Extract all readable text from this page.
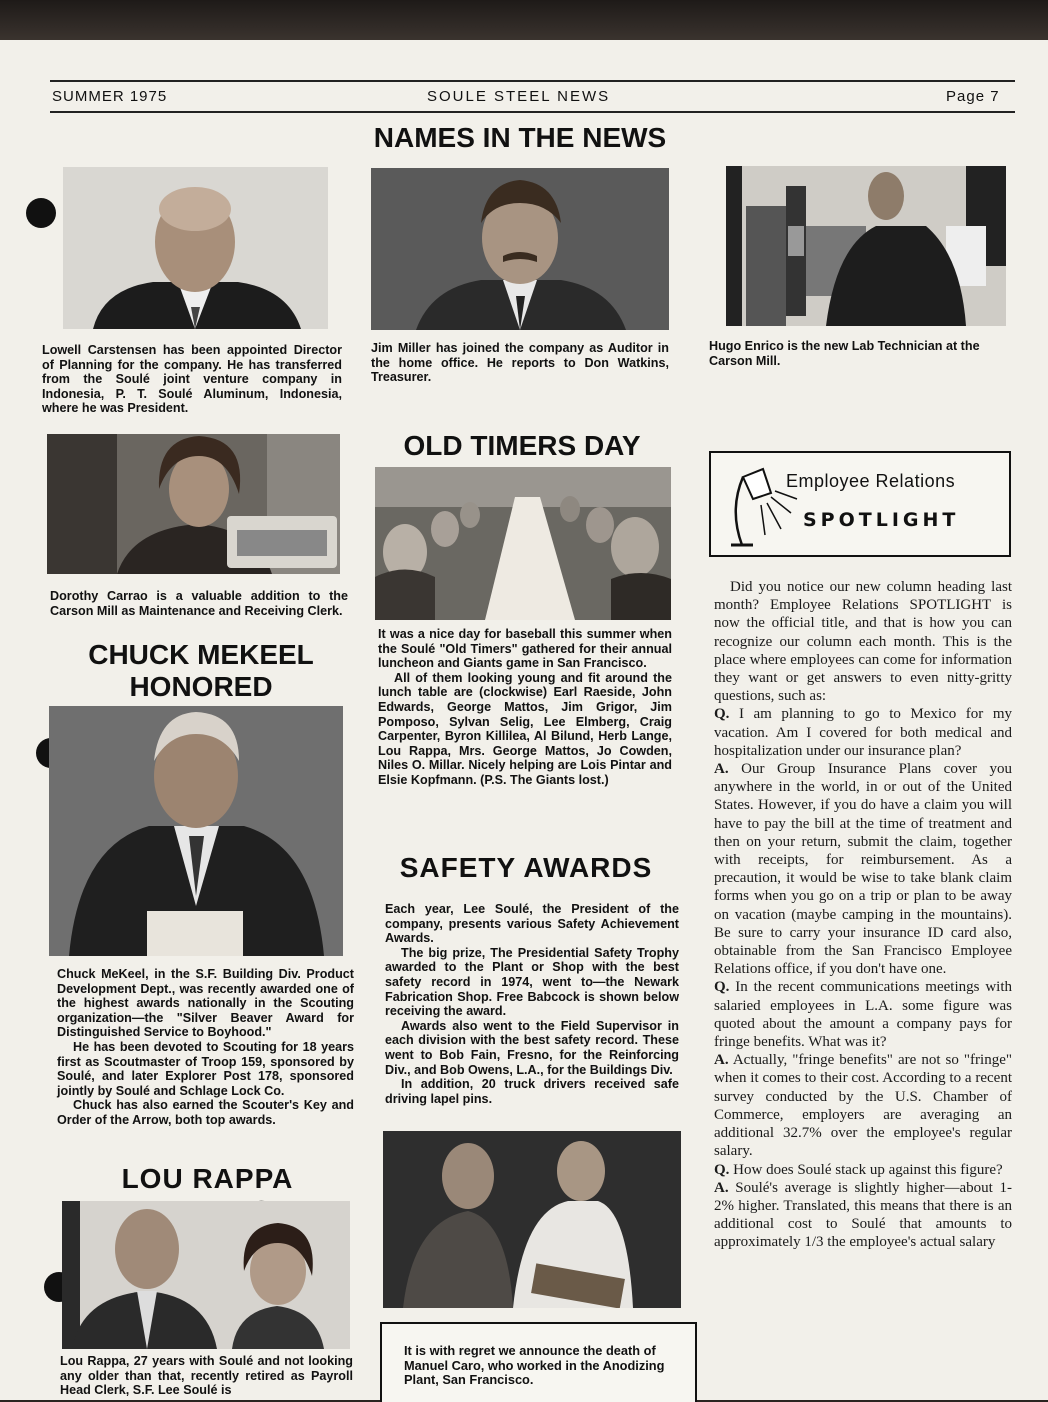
SUMMER 1975	SOULE STEEL NEWS	Page 7
NAMES IN THE NEWS
Lowell Carstensen has been appointed Director of Planning for the company. He has transferred from the Soulé joint venture company in Indonesia, P. T. Soulé Aluminum, Indonesia, where he was President.
Jim Miller has joined the company as Auditor in the home office. He reports to Don Watkins, Treasurer.
Hugo Enrico is the new Lab Technician at the Carson Mill.
Dorothy Carrao is a valuable addition to the Carson Mill as Maintenance and Receiving Clerk.
CHUCK MEKEEL
HONORED

Chuck MeKeel, in the S.F. Building Div. Product Development Dept., was recently awarded one of the highest awards nationally in the Scouting organization—the "Silver Beaver Award for Distinguished Service to Boyhood."

He has been devoted to Scouting for 18 years first as Scoutmaster of Troop 159, sponsored by Soulé, and later Explorer Post 178, sponsored jointly by Soulé and Schlage Lock Co.

Chuck has also earned the Scouter's Key and Order of the Arrow, both top awards.

LOU RAPPA
Lou Rappa, 27 years with Soulé and not looking any older than that, recently retired as Payroll Head Clerk, S.F. Lee Soulé is
OLD TIMERS DAY

It was a nice day for baseball this summer when the Soulé "Old Timers" gathered for their annual luncheon and Giants game in San Francisco.

All of them looking young and fit around the lunch table are (clockwise) Earl Raeside, John Edwards, George Mattos, Jim Grigor, Jim Pomposo, Sylvan Selig, Lee Elmberg, Craig Carpenter, Byron Killilea, Al Bilund, Herb Lange, Lou Rappa, Mrs. George Mattos, Jo Cowden, Niles O. Millar. Nicely helping are Lois Pintar and Elsie Kopfmann. (P.S. The Giants lost.)

SAFETY AWARDS

Each year, Lee Soulé, the President of the company, presents various Safety Achievement Awards.

The big prize, The Presidential Safety Trophy awarded to the Plant or Shop with the best safety record in 1974, went to—the Newark Fabrication Shop. Free Babcock is shown below receiving the award.

Awards also went to the Field Supervisor in each division with the best safety record. These went to Bob Fain, Fresno, for the Reinforcing Div., and Bob Owens, L.A., for the Buildings Div.

In addition, 20 truck drivers received safe driving lapel pins.

It is with regret we announce the death of Manuel Caro, who worked in the Anodizing Plant, San Francisco.
Employee Relations
SPOTLIGHT

Did you notice our new column heading last month? Employee Relations SPOTLIGHT is now the official title, and that is how you can recognize our column each month. This is the place where employees can come for information they want or get answers to even nitty-gritty questions, such as:

Q. I am planning to go to Mexico for my vacation. Am I covered for both medical and hospitalization under our insurance plan?

A. Our Group Insurance Plans cover you anywhere in the world, in or out of the United States. However, if you do have a claim you will have to pay the bill at the time of treatment and then on your return, submit the claim, together with receipts, for reimbursement. As a precaution, it would be wise to take blank claim forms when you go on a trip or plan to be away on vacation (maybe camping in the mountains). Be sure to carry your insurance ID card also, obtainable from the San Francisco Employee Relations office, if you don't have one.

Q. In the recent communications meetings with salaried employees in L.A. some figure was quoted about the amount a company pays for fringe benefits. What was it?

A. Actually, "fringe benefits" are not so "fringe" when it comes to their cost. According to a recent survey conducted by the U.S. Chamber of Commerce, employers are averaging an additional 32.7% over the employee's regular salary.

Q. How does Soulé stack up against this figure?

A. Soulé's average is slightly higher—about 1-2% higher. Translated, this means that there is an additional cost to Soulé that amounts to approximately 1/3 the employee's actual salary
